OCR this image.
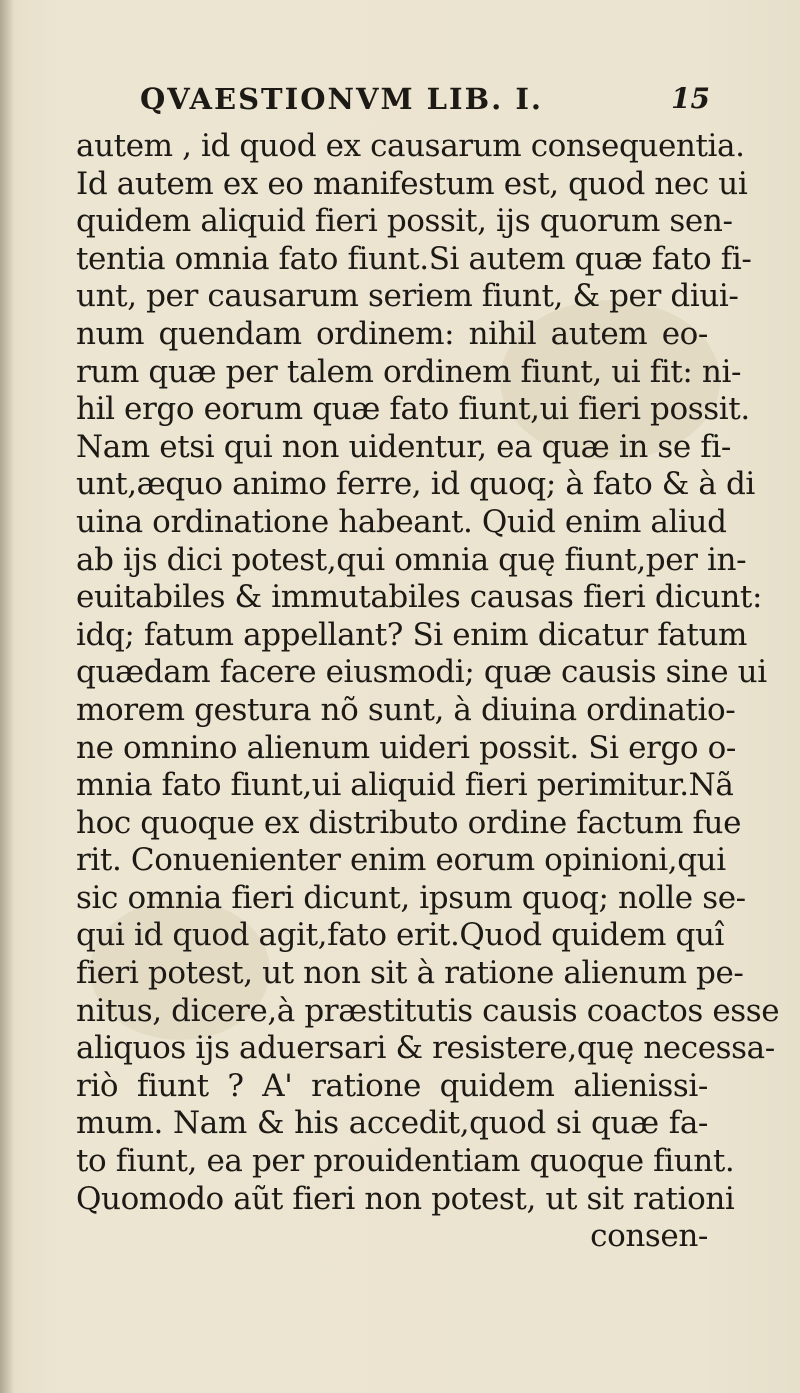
QVAESTIONVM LIB. I.	15
autem , id quod ex causarum consequentia.
Id autem ex eo manifestum est, quod nec ui
quidem aliquid fieri possit, ijs quorum sen-
tentia omnia fato fiunt.Si autem quæ fato fi-
unt, per causarum seriem fiunt, & per diui-
num quendam ordinem: nihil autem eo-
rum quæ per talem ordinem fiunt, ui fit: ni-
hil ergo eorum quæ fato fiunt,ui fieri possit.
Nam etsi qui non uidentur, ea quæ in se fi-
unt,æquo animo ferre, id quoq; à fato & à di
uina ordinatione habeant. Quid enim aliud
ab ijs dici potest,qui omnia quę fiunt,per in-
euitabiles & immutabiles causas fieri dicunt:
idq; fatum appellant? Si enim dicatur fatum
quædam facere eiusmodi; quæ causis sine ui
morem gestura nõ sunt, à diuina ordinatio-
ne omnino alienum uideri possit. Si ergo o-
mnia fato fiunt,ui aliquid fieri perimitur.Nã
hoc quoque ex distributo ordine factum fue
rit. Conuenienter enim eorum opinioni,qui
sic omnia fieri dicunt, ipsum quoq; nolle se-
qui id quod agit,fato erit.Quod quidem quî
fieri potest, ut non sit à ratione alienum pe-
nitus, dicere,à præstitutis causis coactos esse
aliquos ijs aduersari & resistere,quę necessa-
riò fiunt ? A' ratione quidem alienissi-
mum. Nam & his accedit,quod si quæ fa-
to fiunt, ea per prouidentiam quoque fiunt.
Quomodo aũt fieri non potest, ut sit rationi
consen-
